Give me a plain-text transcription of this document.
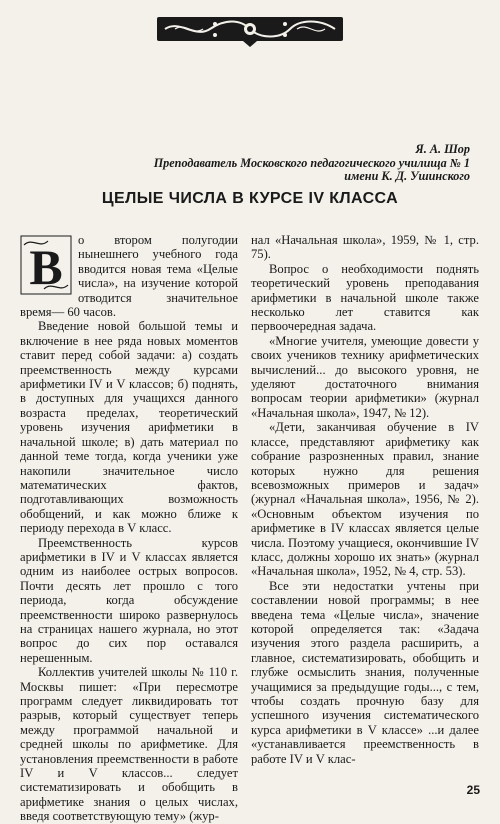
Я. А. Шор
Преподаватель Московского педагогического училища № 1
имени К. Д. Ушинского
ЦЕЛЫЕ ЧИСЛА В КУРСЕ IV КЛАССА

В о втором полугодии нынешнего учебного года вводится новая тема «Целые числа», на изучение которой отводится значительное время— 60 часов.

Введение новой большой темы и включение в нее ряда новых моментов ставит перед собой задачи: а) создать преемственность между курсами арифметики IV и V классов; б) поднять, в доступных для учащихся данного возраста пределах, теоретический уровень изучения арифметики в начальной школе; в) дать материал по данной теме тогда, когда ученики уже накопили значительное число математических фактов, подготавливающих возможность обобщений, и как можно ближе к периоду перехода в V класс.

Преемственность курсов арифметики в IV и V классах является одним из наиболее острых вопросов. Почти десять лет прошло с того периода, когда обсуждение преемственности широко развернулось на страницах нашего журнала, но этот вопрос до сих пор оставался нерешенным.

Коллектив учителей школы № 110 г. Москвы пишет: «При пересмотре программ следует ликвидировать тот разрыв, который существует теперь между программой начальной и средней школы по арифметике. Для установления преемственности в работе IV и V классов... следует систематизировать и обобщить в арифметике знания о целых числах, введя соответствующую тему» (жур-

нал «Начальная школа», 1959, № 1, стр. 75).

Вопрос о необходимости поднять теоретический уровень преподавания арифметики в начальной школе также несколько лет ставится как первоочередная задача.

«Многие учителя, умеющие довести у своих учеников технику арифметических вычислений... до высокого уровня, не уделяют достаточного внимания вопросам теории арифметики» (журнал «Начальная школа», 1947, № 12).

«Дети, заканчивая обучение в IV классе, представляют арифметику как собрание разрозненных правил, знание которых нужно для решения всевозможных примеров и задач» (журнал «Начальная школа», 1956, № 2). «Основным объектом изучения по арифметике в IV классах является целые числа. Поэтому учащиеся, окончившие IV класс, должны хорошо их знать» (журнал «Начальная школа», 1952, № 4, стр. 53).

Все эти недостатки учтены при составлении новой программы; в нее введена тема «Целые числа», значение которой определяется так: «Задача изучения этого раздела расширить, а главное, систематизировать, обобщить и глубже осмыслить знания, полученные учащимися за предыдущие годы..., с тем, чтобы создать прочную базу для успешного изучения систематического курса арифметики в V классе» ...и далее «устанавливается преемственность в работе IV и V клас-

25
